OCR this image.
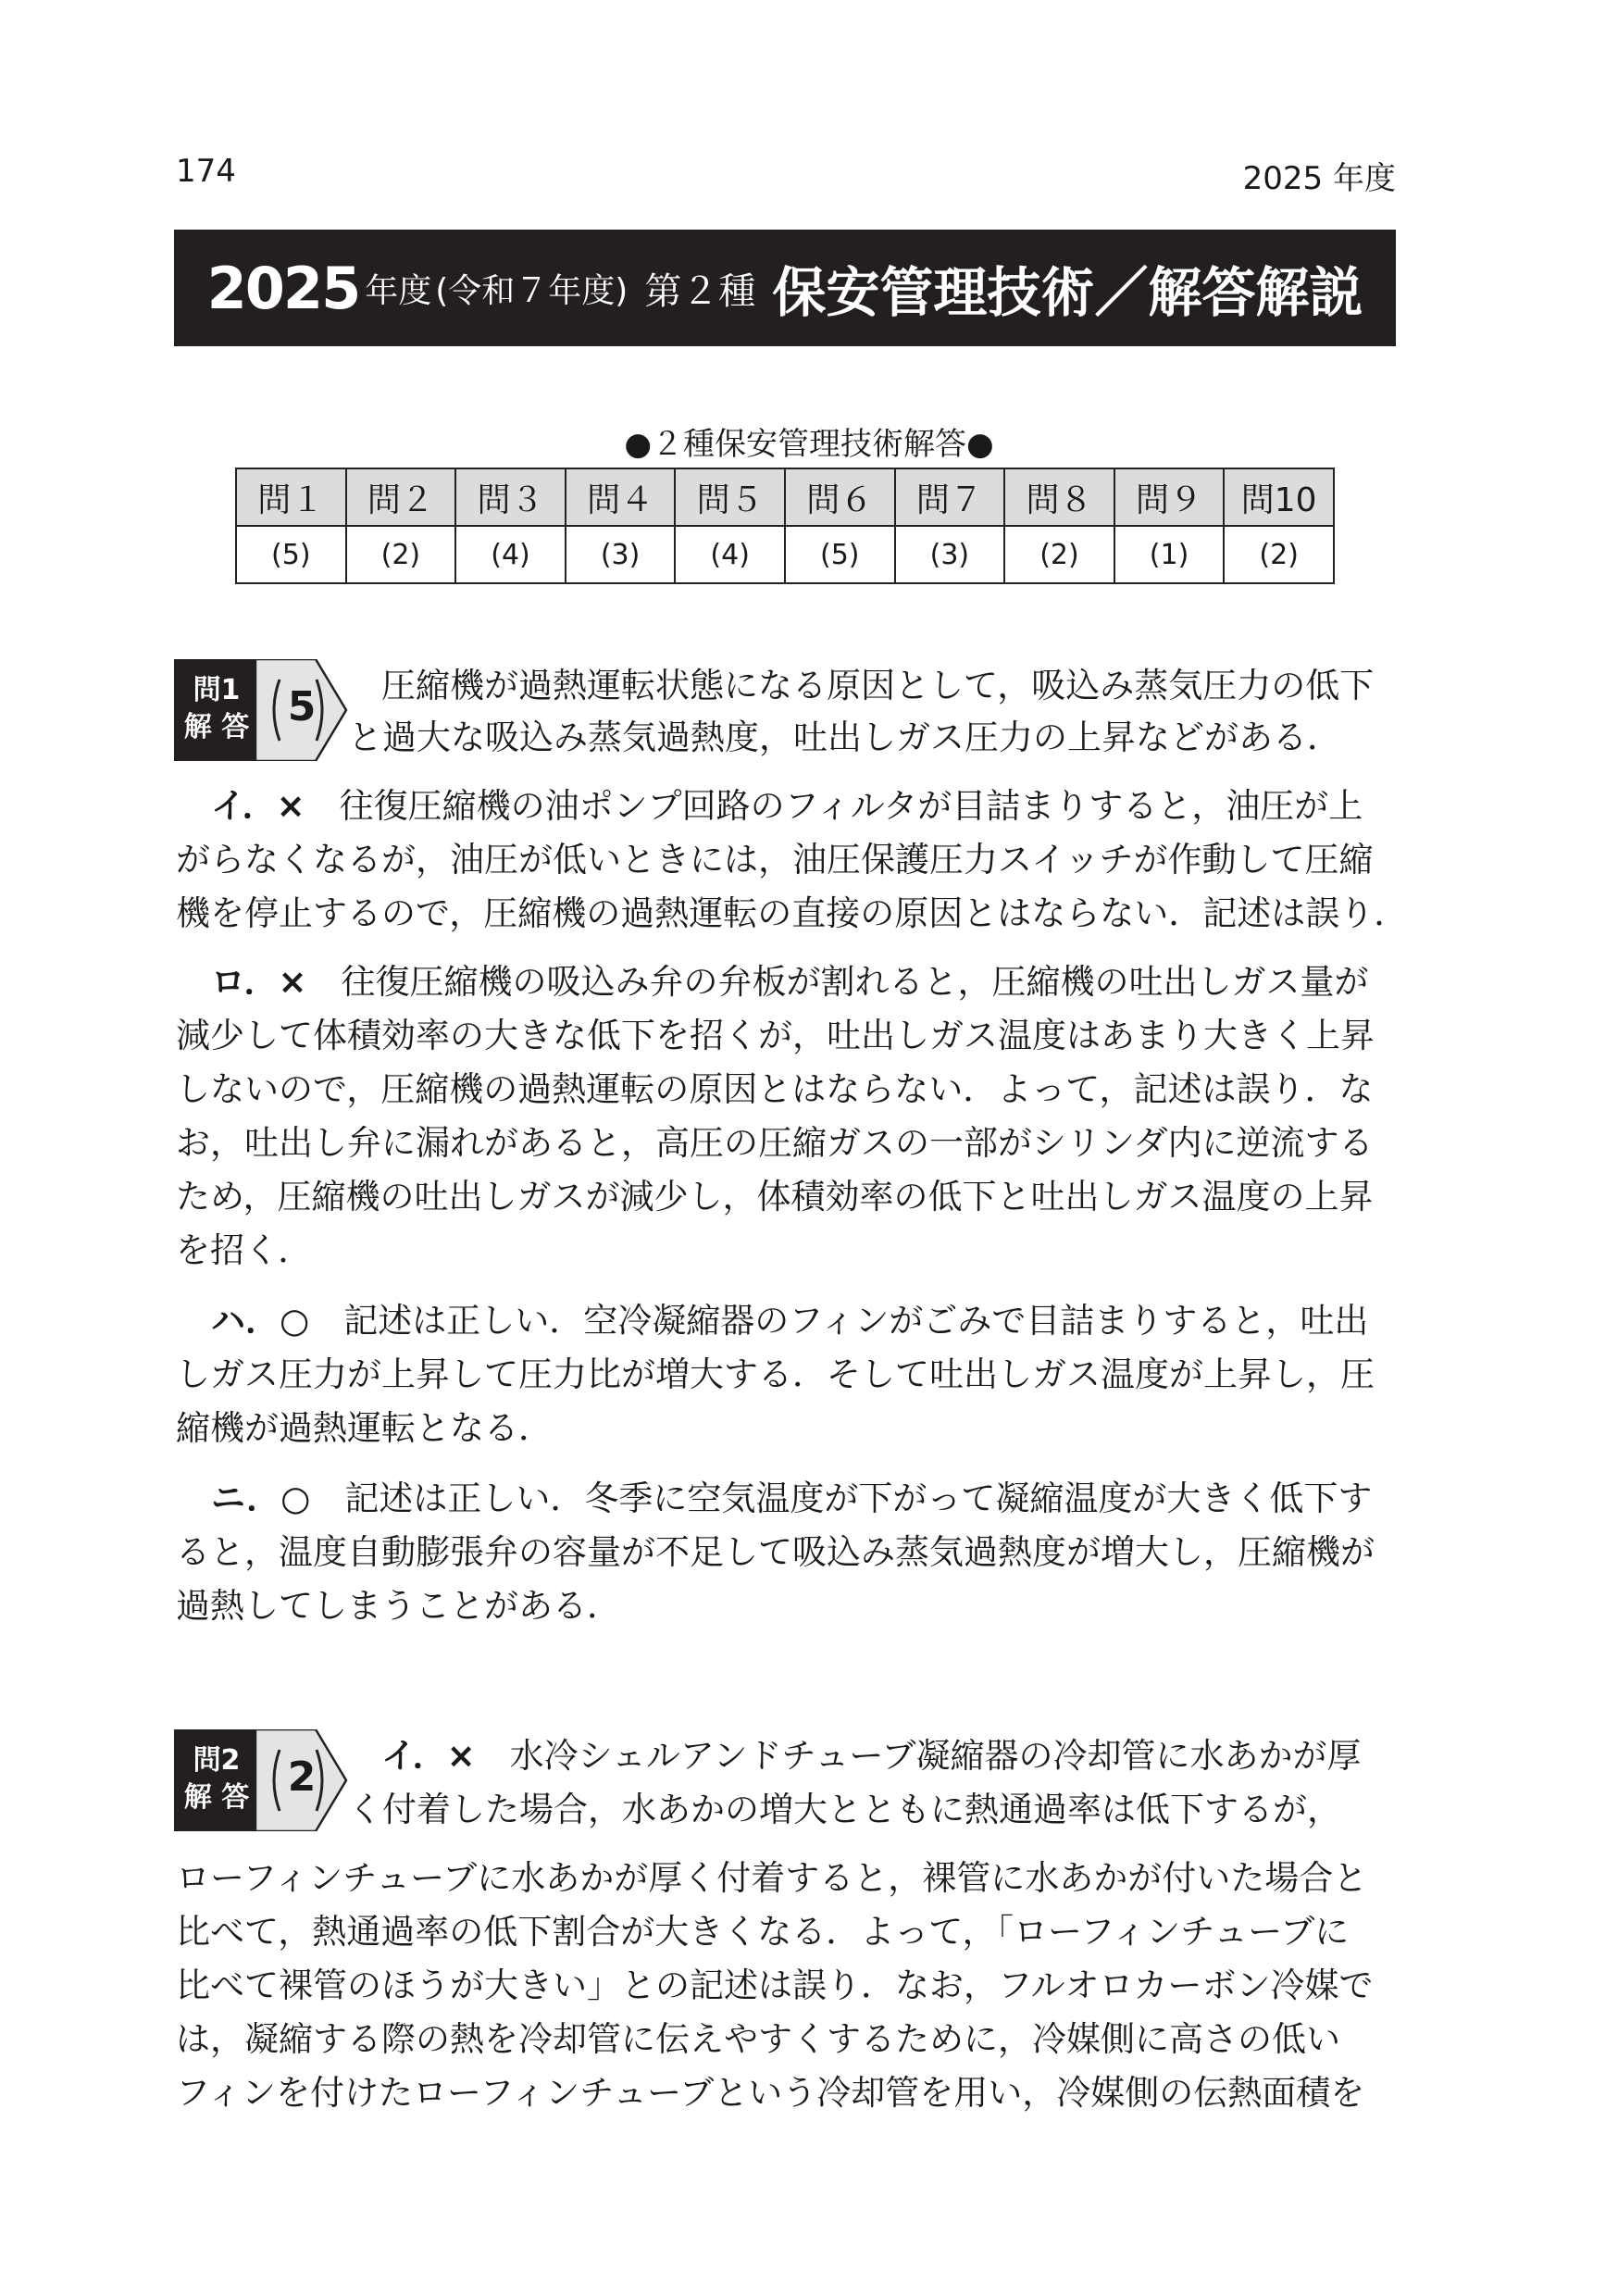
174	2025 年度
2025 年度 (令和７年度) 第２種 保安管理技術／解答解説
●２種保安管理技術解答●
問１	問２	問３	問４	問５	問６	問７	問８	問９	問10
(5)	(2)	(4)	(3)	(4)	(5)	(3)	(2)	(1)	(2)
問1
解 答 5	圧縮機が過熱運転状態になる原因として，吸込み蒸気圧力の低下
と過大な吸込み蒸気過熱度，吐出しガス圧力の上昇などがある．
イ．×　往復圧縮機の油ポンプ回路のフィルタが目詰まりすると，油圧が上
がらなくなるが，油圧が低いときには，油圧保護圧力スイッチが作動して圧縮
機を停止するので，圧縮機の過熱運転の直接の原因とはならない．記述は誤り．
ロ．×　往復圧縮機の吸込み弁の弁板が割れると，圧縮機の吐出しガス量が
減少して体積効率の大きな低下を招くが，吐出しガス温度はあまり大きく上昇
しないので，圧縮機の過熱運転の原因とはならない．よって，記述は誤り．な
お，吐出し弁に漏れがあると，高圧の圧縮ガスの一部がシリンダ内に逆流する
ため，圧縮機の吐出しガスが減少し，体積効率の低下と吐出しガス温度の上昇
を招く．
ハ．○　記述は正しい．空冷凝縮器のフィンがごみで目詰まりすると，吐出
しガス圧力が上昇して圧力比が増大する．そして吐出しガス温度が上昇し，圧
縮機が過熱運転となる．
ニ．○　記述は正しい．冬季に空気温度が下がって凝縮温度が大きく低下す
ると，温度自動膨張弁の容量が不足して吸込み蒸気過熱度が増大し，圧縮機が
過熱してしまうことがある．
問2
解 答 2	イ．×　水冷シェルアンドチューブ凝縮器の冷却管に水あかが厚
く付着した場合，水あかの増大とともに熱通過率は低下するが，
ローフィンチューブに水あかが厚く付着すると，裸管に水あかが付いた場合と
比べて，熱通過率の低下割合が大きくなる．よって，「ローフィンチューブに
比べて裸管のほうが大きい」との記述は誤り．なお，フルオロカーボン冷媒で
は，凝縮する際の熱を冷却管に伝えやすくするために，冷媒側に高さの低い
フィンを付けたローフィンチューブという冷却管を用い，冷媒側の伝熱面積を
